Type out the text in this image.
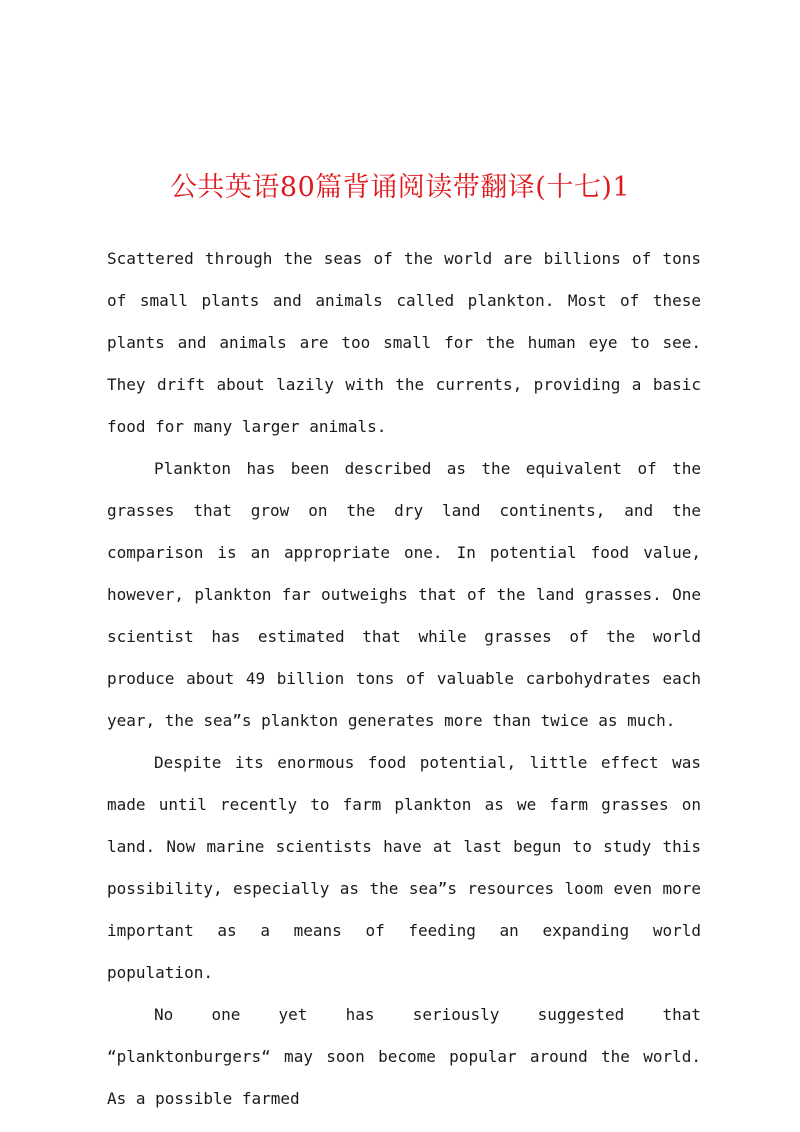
公共英语80篇背诵阅读带翻译(十七)1

Scattered through the seas of the world are billions of tons of small plants and animals called plankton. Most of these plants and animals are too small for the human eye to see. They drift about lazily with the currents, providing a basic food for many larger animals.

Plankton has been described as the equivalent of the grasses that grow on the dry land continents, and the comparison is an appropriate one. In potential food value, however, plankton far outweighs that of the land grasses. One scientist has estimated that while grasses of the world produce about 49 billion tons of valuable carbohydrates each year, the sea”s plankton generates more than twice as much.

Despite its enormous food potential, little effect was made until recently to farm plankton as we farm grasses on land. Now marine scientists have at last begun to study this possibility, especially as the sea”s resources loom even more important as a means of feeding an expanding world population.

No one yet has seriously suggested that “planktonburgers“ may soon become popular around the world. As a possible farmed
